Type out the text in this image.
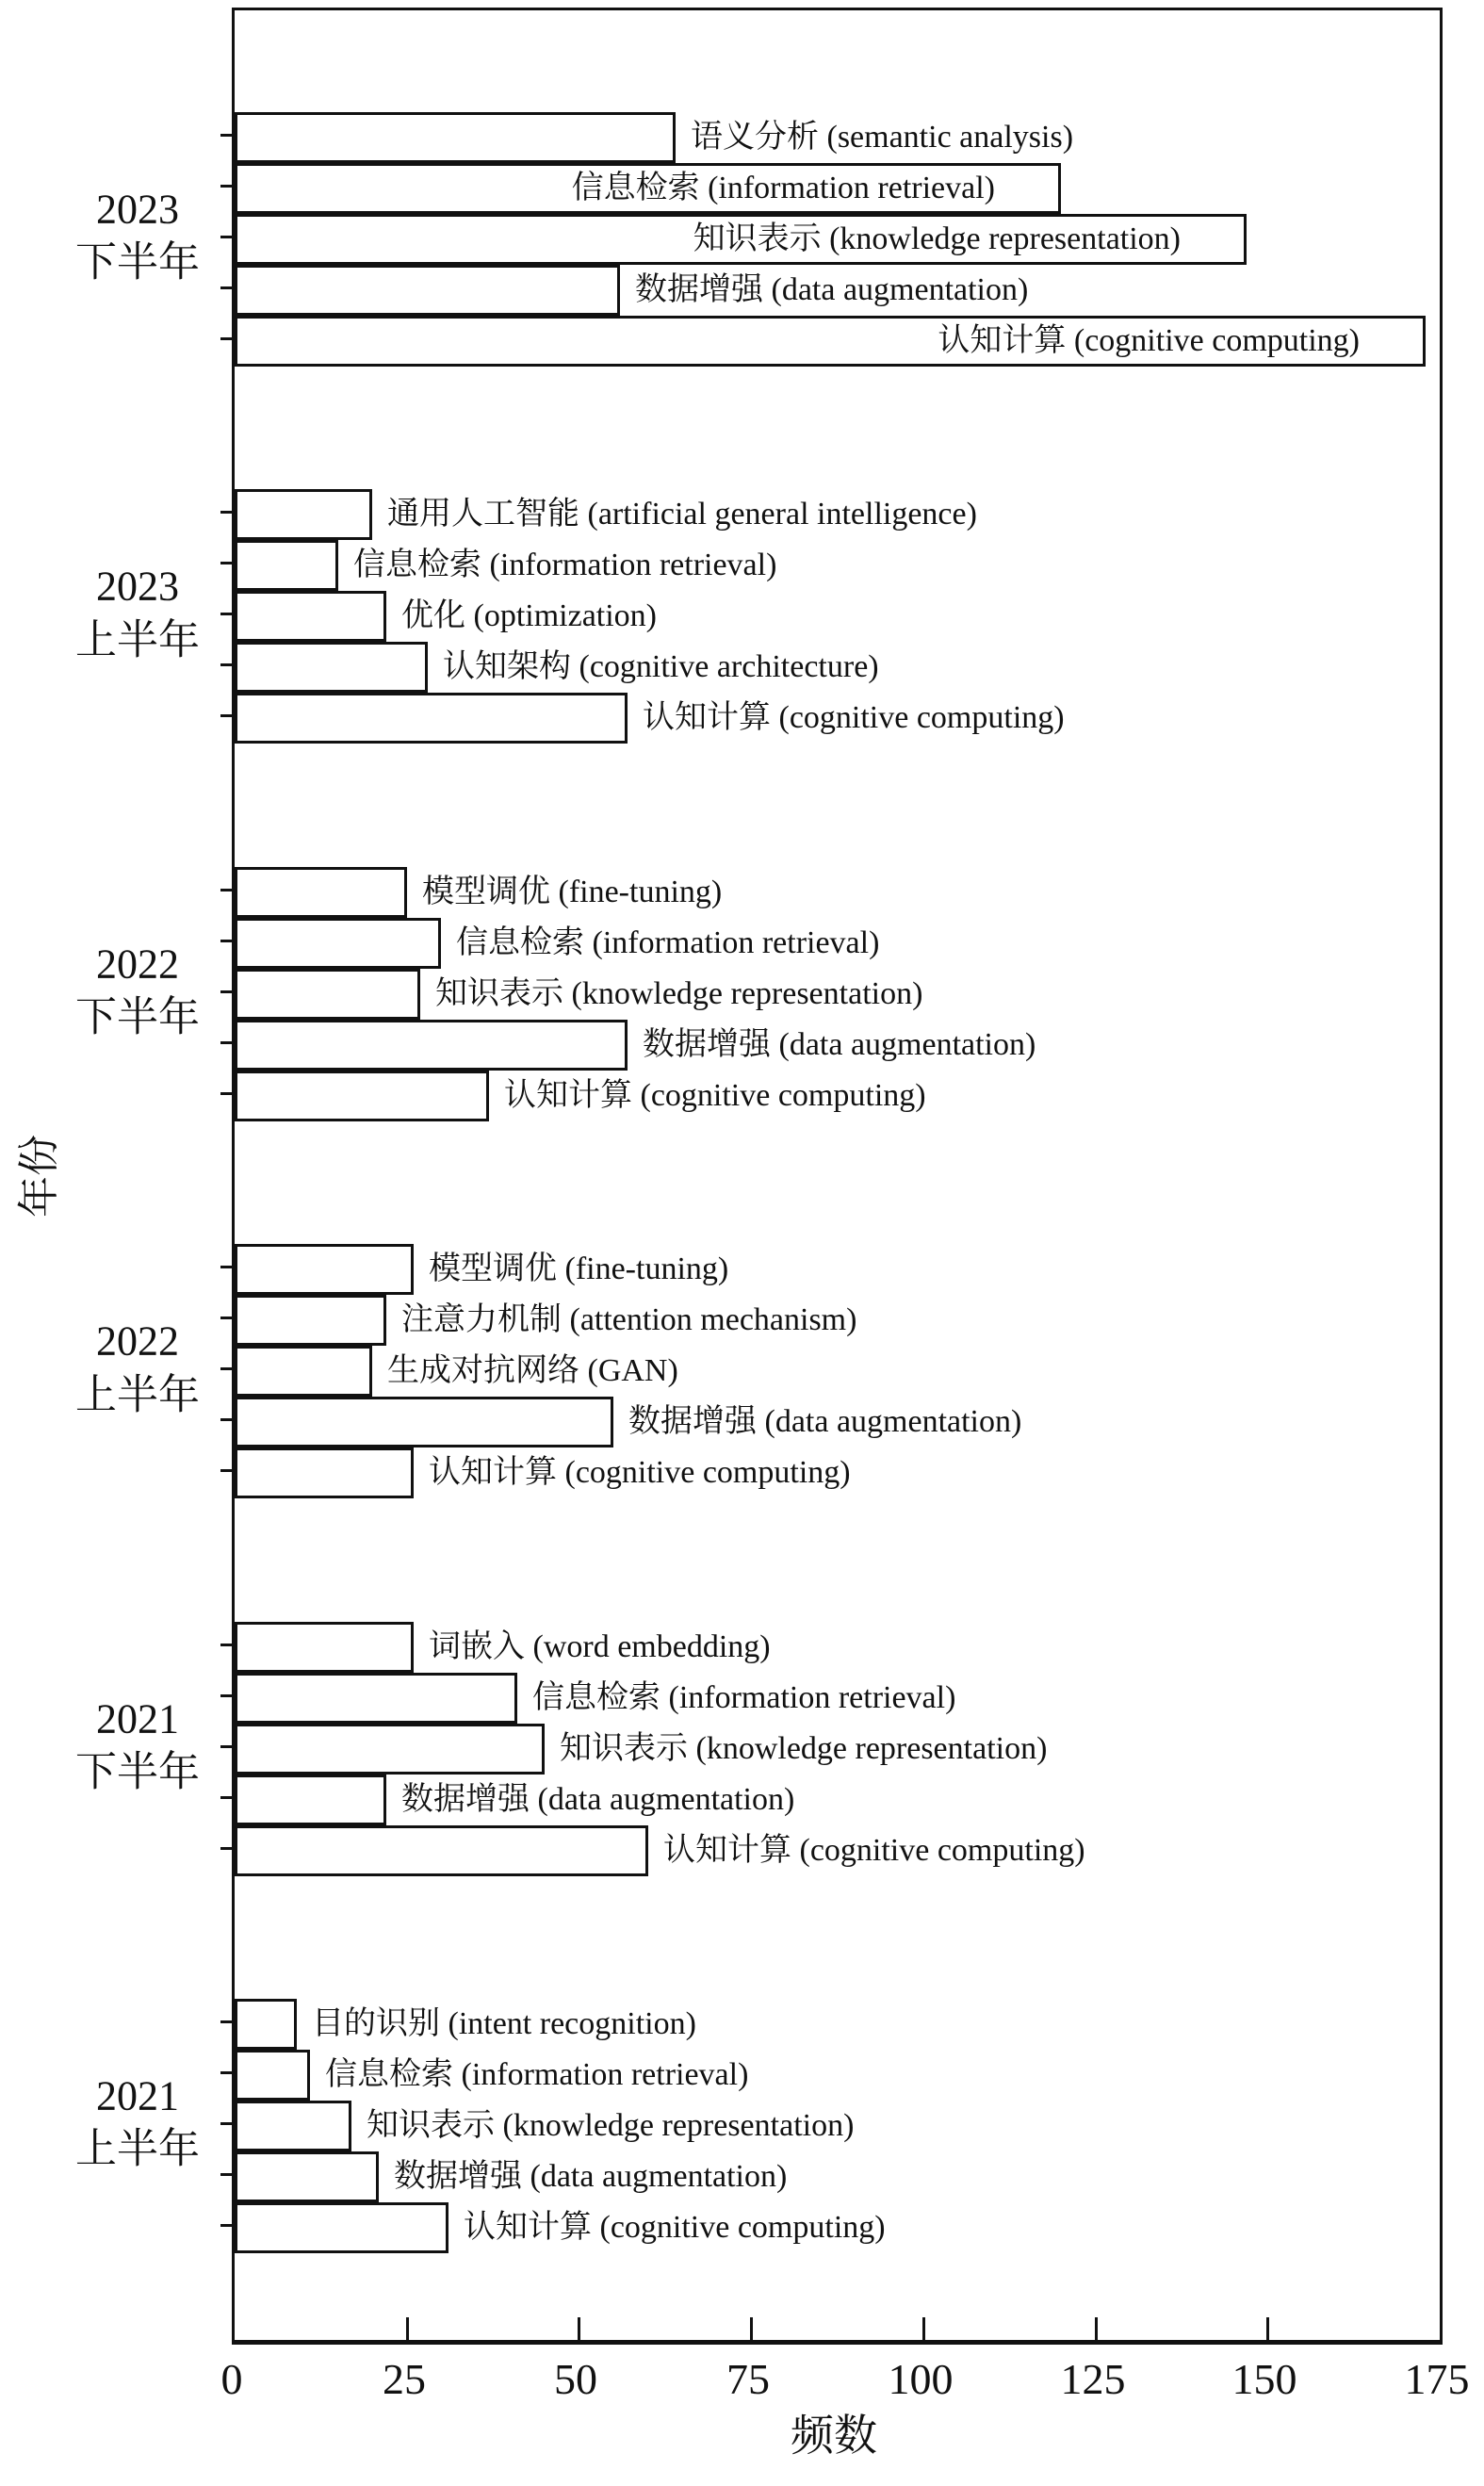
年份
语义分析 (semantic analysis)
信息检索 (information retrieval)
知识表示 (knowledge representation)
数据增强 (data augmentation)
认知计算 (cognitive computing)
通用人工智能 (artificial general intelligence)
信息检索 (information retrieval)
优化 (optimization)
认知架构 (cognitive architecture)
认知计算 (cognitive computing)
模型调优 (fine-tuning)
信息检索 (information retrieval)
知识表示 (knowledge representation)
数据增强 (data augmentation)
认知计算 (cognitive computing)
模型调优 (fine-tuning)
注意力机制 (attention mechanism)
生成对抗网络 (GAN)
数据增强 (data augmentation)
认知计算 (cognitive computing)
词嵌入 (word embedding)
信息检索 (information retrieval)
知识表示 (knowledge representation)
数据增强 (data augmentation)
认知计算 (cognitive computing)
目的识别 (intent recognition)
信息检索 (information retrieval)
知识表示 (knowledge representation)
数据增强 (data augmentation)
认知计算 (cognitive computing)
频数
2023
下半年
2023
上半年
2022
下半年
2022
上半年
2021
下半年
2021
上半年
0	25	50	75	100 125 150 175
